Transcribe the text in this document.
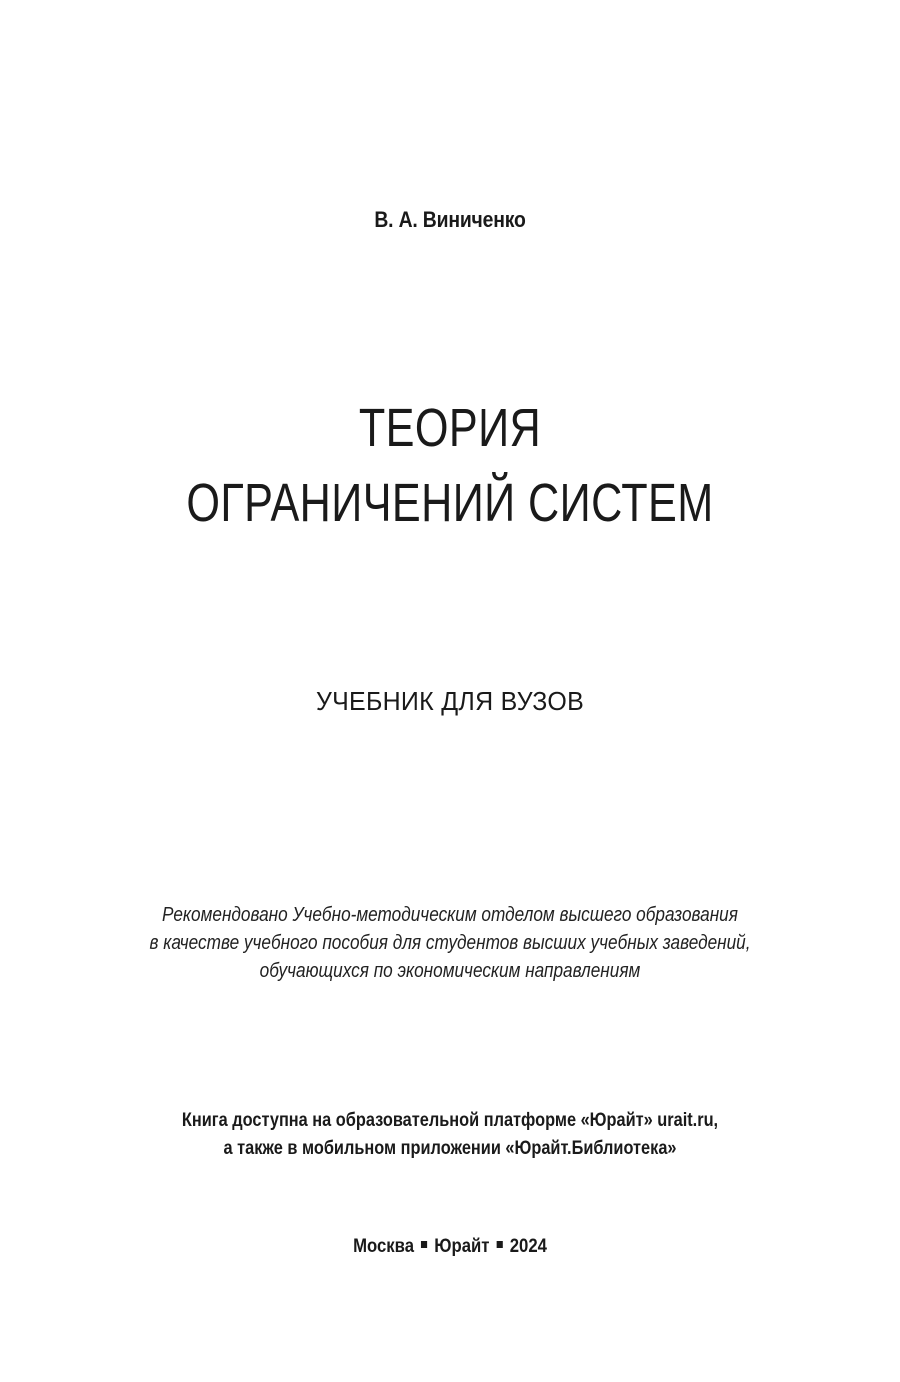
В. А. Виниченко
ТЕОРИЯ
ОГРАНИЧЕНИЙ СИСТЕМ
УЧЕБНИК ДЛЯ ВУЗОВ
Рекомендовано Учебно-методическим отделом высшего образования
в качестве учебного пособия для студентов высших учебных заведений,
обучающихся по экономическим направлениям
Книга доступна на образовательной платформе «Юрайт» urait.ru,
а также в мобильном приложении «Юрайт.Библиотека»
Москва Юрайт 2024
